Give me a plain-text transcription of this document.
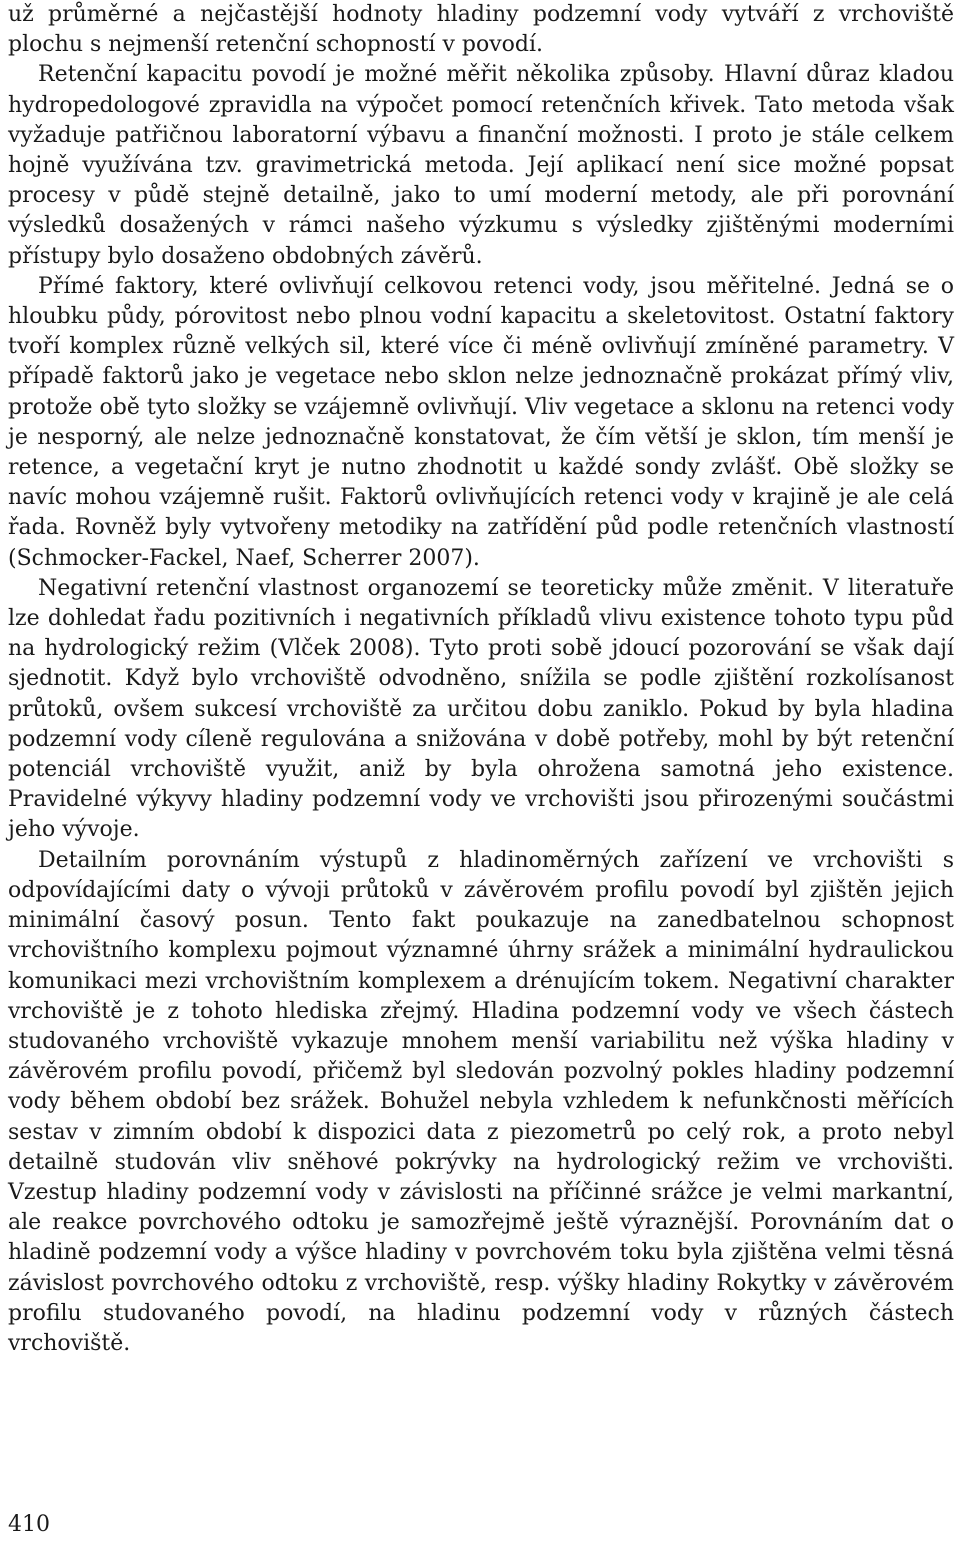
už průměrné a nejčastější hodnoty hladiny podzemní vody vytváří z vrchoviště plochu s nejmenší retenční schopností v povodí.

Retenční kapacitu povodí je možné měřit několika způsoby. Hlavní důraz kladou hydropedologové zpravidla na výpočet pomocí retenčních křivek. Tato metoda však vyžaduje patřičnou laboratorní výbavu a finanční možnosti. I proto je stále celkem hojně využívána tzv. gravimetrická metoda. Její aplikací není sice možné popsat procesy v půdě stejně detailně, jako to umí moderní metody, ale při porovnání výsledků dosažených v rámci našeho výzkumu s výsledky zjištěnými moderními přístupy bylo dosaženo obdobných závěrů.

Přímé faktory, které ovlivňují celkovou retenci vody, jsou měřitelné. Jedná se o hloubku půdy, pórovitost nebo plnou vodní kapacitu a skeletovitost. Ostatní faktory tvoří komplex různě velkých sil, které více či méně ovlivňují zmíněné parametry. V případě faktorů jako je vegetace nebo sklon nelze jednoznačně prokázat přímý vliv, protože obě tyto složky se vzájemně ovlivňují. Vliv vegetace a sklonu na retenci vody je nesporný, ale nelze jednoznačně konstatovat, že čím větší je sklon, tím menší je retence, a vegetační kryt je nutno zhodnotit u každé sondy zvlášť. Obě složky se navíc mohou vzájemně rušit. Faktorů ovlivňujících retenci vody v krajině je ale celá řada. Rovněž byly vytvořeny metodiky na zatřídění půd podle retenčních vlastností (Schmocker-Fackel, Naef, Scherrer 2007).

Negativní retenční vlastnost organozemí se teoreticky může změnit. V literatuře lze dohledat řadu pozitivních i negativních příkladů vlivu existence tohoto typu půd na hydrologický režim (Vlček 2008). Tyto proti sobě jdoucí pozorování se však dají sjednotit. Když bylo vrchoviště odvodněno, snížila se podle zjištění rozkolísanost průtoků, ovšem sukcesí vrchoviště za určitou dobu zaniklo. Pokud by byla hladina podzemní vody cíleně regulována a snižována v době potřeby, mohl by být retenční potenciál vrchoviště využit, aniž by byla ohrožena samotná jeho existence. Pravidelné výkyvy hladiny podzemní vody ve vrchovišti jsou přirozenými součástmi jeho vývoje.

Detailním porovnáním výstupů z hladinoměrných zařízení ve vrchovišti s odpovídajícími daty o vývoji průtoků v závěrovém profilu povodí byl zjištěn jejich minimální časový posun. Tento fakt poukazuje na zanedbatelnou schopnost vrchovištního komplexu pojmout významné úhrny srážek a minimální hydraulickou komunikaci mezi vrchovištním komplexem a drénujícím tokem. Negativní charakter vrchoviště je z tohoto hlediska zřejmý. Hladina podzemní vody ve všech částech studovaného vrchoviště vykazuje mnohem menší variabilitu než výška hladiny v závěrovém profilu povodí, přičemž byl sledován pozvolný pokles hladiny podzemní vody během období bez srážek. Bohužel nebyla vzhledem k nefunkčnosti měřících sestav v zimním období k dispozici data z piezometrů po celý rok, a proto nebyl detailně studován vliv sněhové pokrývky na hydrologický režim ve vrchovišti. Vzestup hladiny podzemní vody v závislosti na příčinné srážce je velmi markantní, ale reakce povrchového odtoku je samozřejmě ještě výraznější. Porovnáním dat o hladině podzemní vody a výšce hladiny v povrchovém toku byla zjištěna velmi těsná závislost povrchového odtoku z vrchoviště, resp. výšky hladiny Rokytky v závěrovém profilu studovaného povodí, na hladinu podzemní vody v různých částech vrchoviště.

410
